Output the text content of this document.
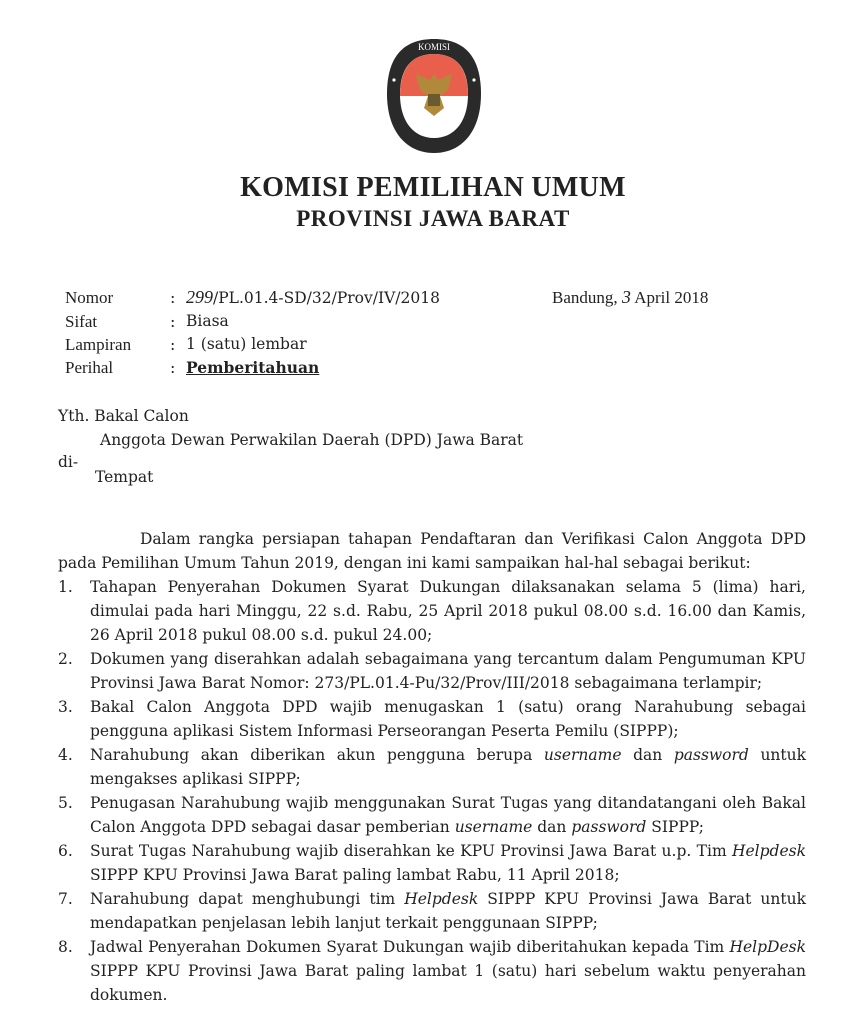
KOMISI
KOMISI PEMILIHAN UMUM
PROVINSI JAWA BARAT
Nomor	: 299/PL.01.4-SD/32/Prov/IV/2018
Sifat	: Biasa
Lampiran	: 1 (satu) lembar
Perihal	: Pemberitahuan
Bandung, 3 April 2018
Yth. Bakal Calon
Anggota Dewan Perwakilan Daerah (DPD) Jawa Barat
di-
Tempat

Dalam rangka persiapan tahapan Pendaftaran dan Verifikasi Calon Anggota DPD pada Pemilihan Umum Tahun 2019, dengan ini kami sampaikan hal-hal sebagai berikut:

1.	Tahapan Penyerahan Dokumen Syarat Dukungan dilaksanakan selama 5 (lima) hari, dimulai pada hari Minggu, 22 s.d. Rabu, 25 April 2018 pukul 08.00 s.d. 16.00 dan Kamis, 26 April 2018 pukul 08.00 s.d. pukul 24.00;
2.	Dokumen yang diserahkan adalah sebagaimana yang tercantum dalam Pengumuman KPU Provinsi Jawa Barat Nomor: 273/PL.01.4-Pu/32/Prov/III/2018 sebagaimana terlampir;
3.	Bakal Calon Anggota DPD wajib menugaskan 1 (satu) orang Narahubung sebagai pengguna aplikasi Sistem Informasi Perseorangan Peserta Pemilu (SIPPP);
4.	Narahubung akan diberikan akun pengguna berupa username dan password untuk mengakses aplikasi SIPPP;
5.	Penugasan Narahubung wajib menggunakan Surat Tugas yang ditandatangani oleh Bakal Calon Anggota DPD sebagai dasar pemberian username dan password SIPPP;
6.	Surat Tugas Narahubung wajib diserahkan ke KPU Provinsi Jawa Barat u.p. Tim Helpdesk SIPPP KPU Provinsi Jawa Barat paling lambat Rabu, 11 April 2018;
7.	Narahubung dapat menghubungi tim Helpdesk SIPPP KPU Provinsi Jawa Barat untuk mendapatkan penjelasan lebih lanjut terkait penggunaan SIPPP;
8.	Jadwal Penyerahan Dokumen Syarat Dukungan wajib diberitahukan kepada Tim HelpDesk SIPPP KPU Provinsi Jawa Barat paling lambat 1 (satu) hari sebelum waktu penyerahan dokumen.
